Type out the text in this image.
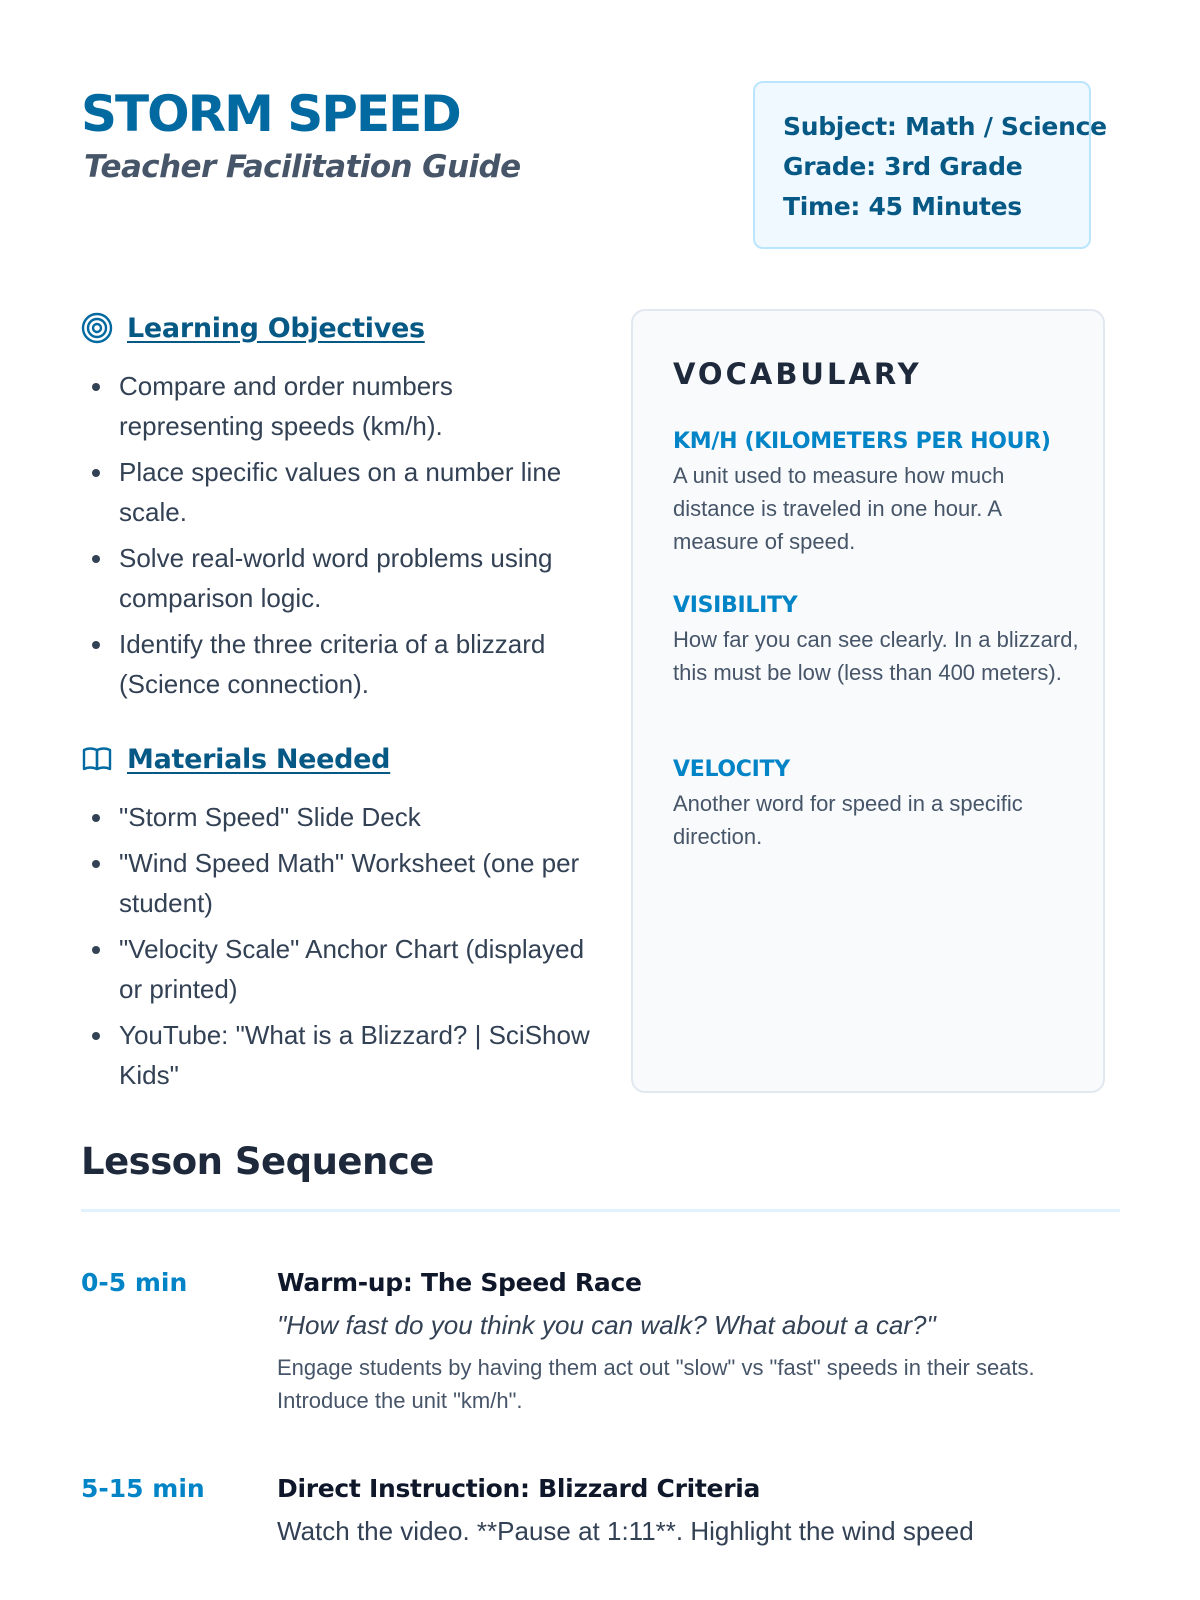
STORM SPEED

Teacher Facilitation Guide

Subject: Math / Science
Grade: 3rd Grade
Time: 45 Minutes
Learning Objectives
Compare and order numbers representing speeds (km/h).
Place specific values on a number line scale.
Solve real-world word problems using comparison logic.
Identify the three criteria of a blizzard (Science connection).
Materials Needed
"Storm Speed" Slide Deck
"Wind Speed Math" Worksheet (one per student)
"Velocity Scale" Anchor Chart (displayed or printed)
YouTube: "What is a Blizzard? | SciShow Kids"
VOCABULARY
KM/H (KILOMETERS PER HOUR)
A unit used to measure how much distance is traveled in one hour. A measure of speed.
VISIBILITY
How far you can see clearly. In a blizzard, this must be low (less than 400 meters).
VELOCITY
Another word for speed in a specific direction.
Lesson Sequence
0-5 min	Warm-up: The Speed Race
"How fast do you think you can walk? What about a car?"
Engage students by having them act out "slow" vs "fast" speeds in their seats. Introduce the unit "km/h".
5-15 min	Direct Instruction: Blizzard Criteria
Watch the video. **Pause at 1:11**. Highlight the wind speed
